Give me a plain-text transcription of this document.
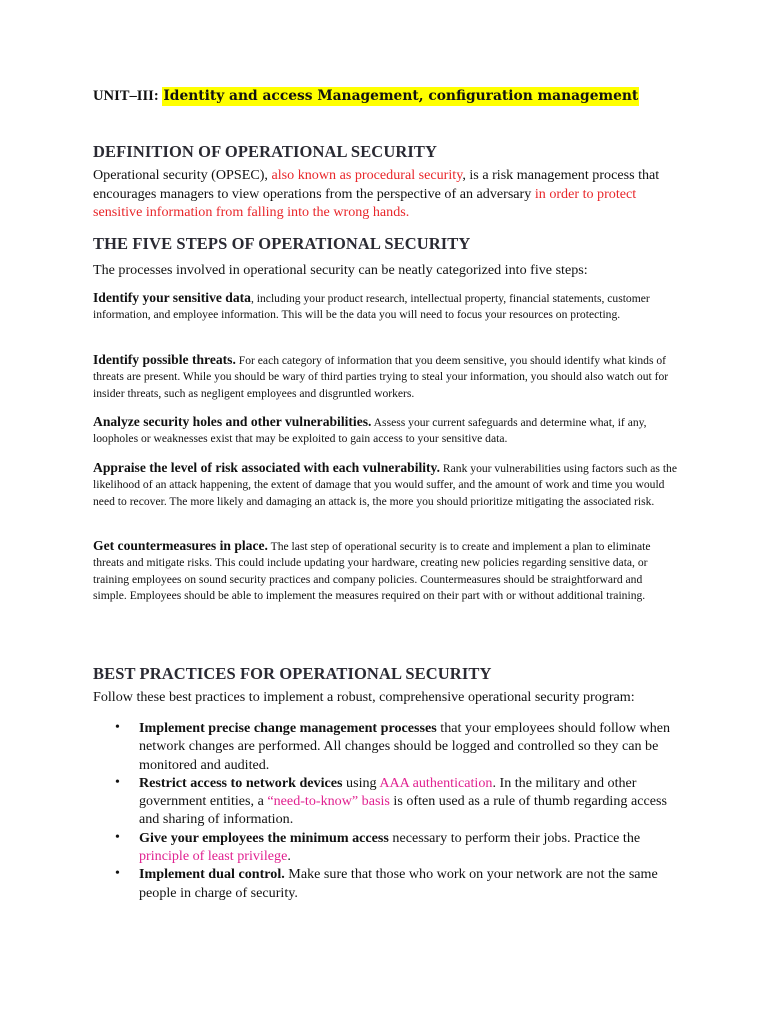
UNIT–III: Identity and access Management, configuration management
DEFINITION OF OPERATIONAL SECURITY

Operational security (OPSEC), also known as procedural security, is a risk management process that encourages managers to view operations from the perspective of an adversary in order to protect sensitive information from falling into the wrong hands.

THE FIVE STEPS OF OPERATIONAL SECURITY

The processes involved in operational security can be neatly categorized into five steps:

Identify your sensitive data, including your product research, intellectual property, financial statements, customer information, and employee information. This will be the data you will need to focus your resources on protecting.

Identify possible threats. For each category of information that you deem sensitive, you should identify what kinds of threats are present. While you should be wary of third parties trying to steal your information, you should also watch out for insider threats, such as negligent employees and disgruntled workers.

Analyze security holes and other vulnerabilities. Assess your current safeguards and determine what, if any, loopholes or weaknesses exist that may be exploited to gain access to your sensitive data.

Appraise the level of risk associated with each vulnerability. Rank your vulnerabilities using factors such as the likelihood of an attack happening, the extent of damage that you would suffer, and the amount of work and time you would need to recover. The more likely and damaging an attack is, the more you should prioritize mitigating the associated risk.

Get countermeasures in place. The last step of operational security is to create and implement a plan to eliminate threats and mitigate risks. This could include updating your hardware, creating new policies regarding sensitive data, or training employees on sound security practices and company policies. Countermeasures should be straightforward and simple. Employees should be able to implement the measures required on their part with or without additional training.

BEST PRACTICES FOR OPERATIONAL SECURITY

Follow these best practices to implement a robust, comprehensive operational security program:

• Implement precise change management processes that your employees should follow when network changes are performed. All changes should be logged and controlled so they can be monitored and audited.
• Restrict access to network devices using AAA authentication. In the military and other government entities, a “need-to-know” basis is often used as a rule of thumb regarding access and sharing of information.
• Give your employees the minimum access necessary to perform their jobs. Practice the principle of least privilege.
• Implement dual control. Make sure that those who work on your network are not the same people in charge of security.
